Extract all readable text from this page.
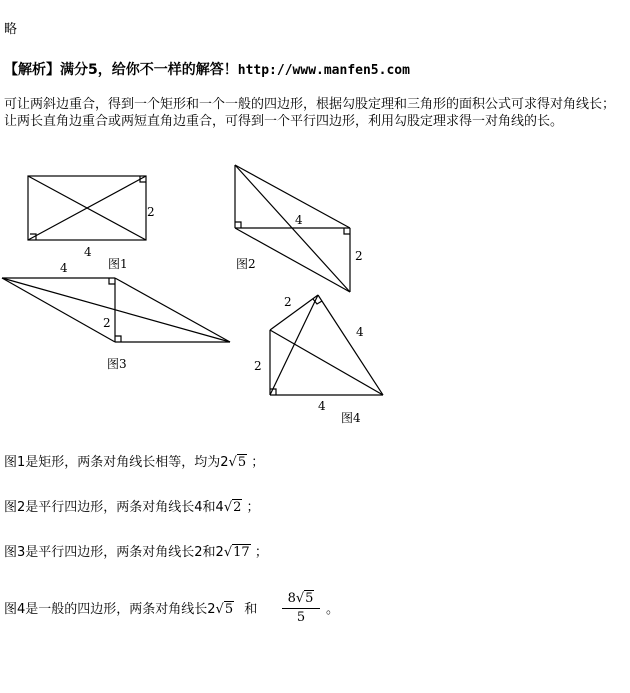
略
【解析】满分5，给你不一样的解答！http://www.manfen5.com
可让两斜边重合，得到一个矩形和一个一般的四边形，根据勾股定理和三角形的面积公式可求得对角线长；让两长直角边重合或两短直角边重合，可得到一个平行四边形，利用勾股定理求得一对角线的长。
2
4
图1
4
2
图2
4
2
图3
2
4
2
4
图4
图1是矩形，两条对角线长相等，均为2√5 ；
图2是平行四边形，两条对角线长4和4√2 ；
图3是平行四边形，两条对角线长2和2√17 ；
图4是一般的四边形，两条对角线长2√5 和 $\frac{8√5}{5}$ 。
